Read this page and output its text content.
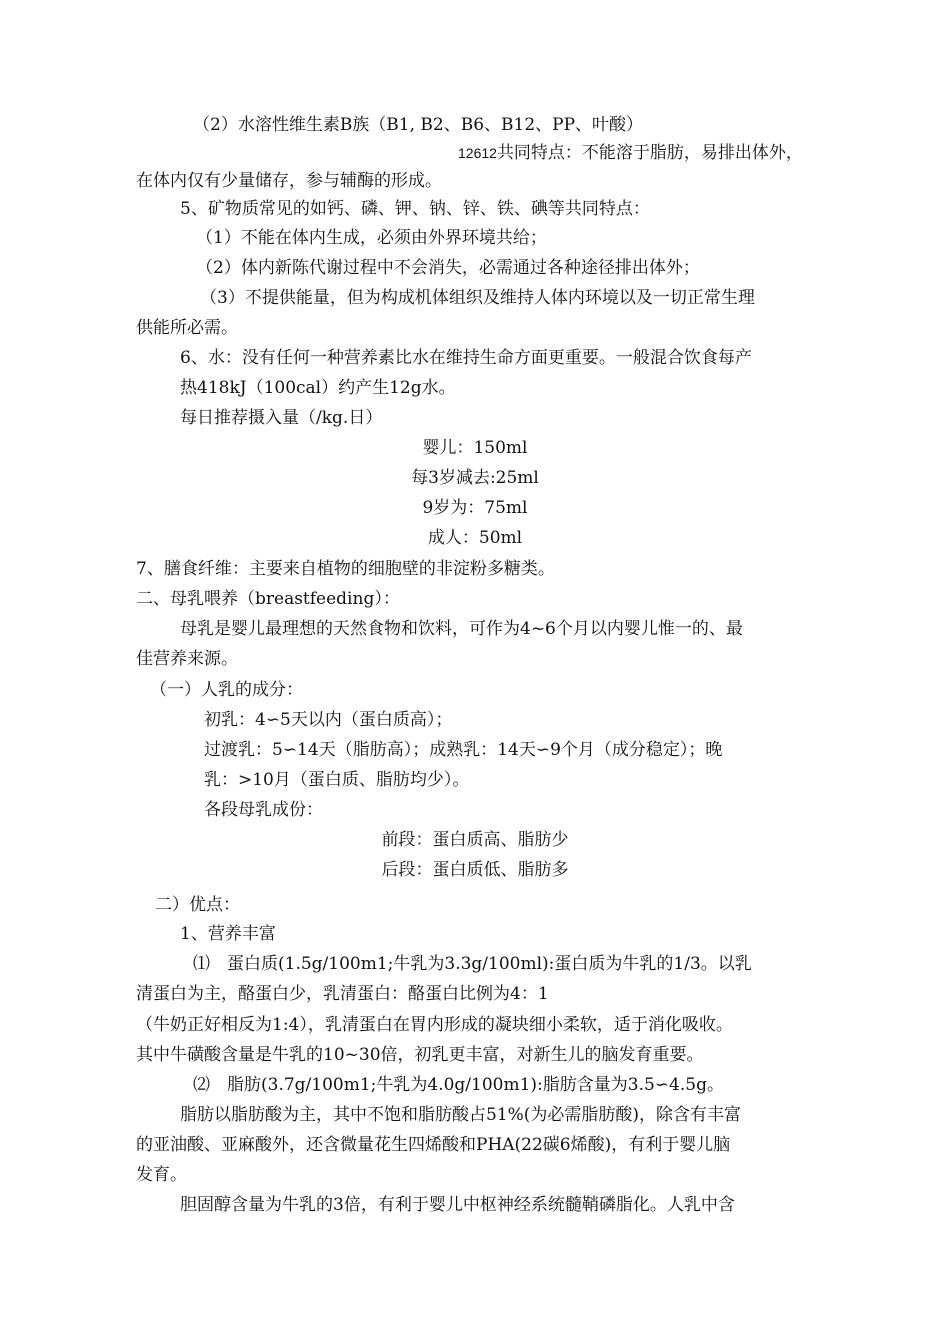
（2）水溶性维生素B族（B1, B2、B6、B12、PP、叶酸）
12612共同特点：不能溶于脂肪，易排出体外，
在体内仅有少量储存，参与辅酶的形成。
5、矿物质常见的如钙、磷、钾、钠、锌、铁、碘等共同特点：
（1）不能在体内生成，必须由外界环境共给；
（2）体内新陈代谢过程中不会消失，必需通过各种途径排出体外；
（3）不提供能量，但为构成机体组织及维持人体内环境以及一切正常生理
供能所必需。
6、水：没有任何一种营养素比水在维持生命方面更重要。一般混合饮食每产
热418kJ（100cal）约产生12g水。
每日推荐摄入量（/kg.日）
婴儿：150ml
每3岁减去:25ml
9岁为：75ml
成人：50ml
7、膳食纤维：主要来自植物的细胞壁的非淀粉多糖类。
二、母乳喂养（breastfeeding）：
母乳是婴儿最理想的天然食物和饮料，可作为4~6个月以内婴儿惟一的、最
佳营养来源。
（一）人乳的成分：
初乳：4∽5天以内（蛋白质高）；
过渡乳：5∽14天（脂肪高）；成熟乳：14天∽9个月（成分稳定）；晚
乳：>10月（蛋白质、脂肪均少）。
各段母乳成份：
前段：蛋白质高、脂肪少
后段：蛋白质低、脂肪多
二）优点：
1、营养丰富
⑴　蛋白质(1.5g/100m1;牛乳为3.3g/100ml):蛋白质为牛乳的1/3。以乳
清蛋白为主，酪蛋白少，乳清蛋白：酪蛋白比例为4：1
（牛奶正好相反为1:4），乳清蛋白在胃内形成的凝块细小柔软，适于消化吸收。
其中牛磺酸含量是牛乳的10~30倍，初乳更丰富，对新生儿的脑发育重要。
⑵　脂肪(3.7g/100m1;牛乳为4.0g/100m1):脂肪含量为3.5∽4.5g。
脂肪以脂肪酸为主，其中不饱和脂肪酸占51%(为必需脂肪酸)，除含有丰富
的亚油酸、亚麻酸外，还含微量花生四烯酸和PHA(22碳6烯酸)，有利于婴儿脑
发育。
胆固醇含量为牛乳的3倍，有利于婴儿中枢神经系统髓鞘磷脂化。人乳中含
